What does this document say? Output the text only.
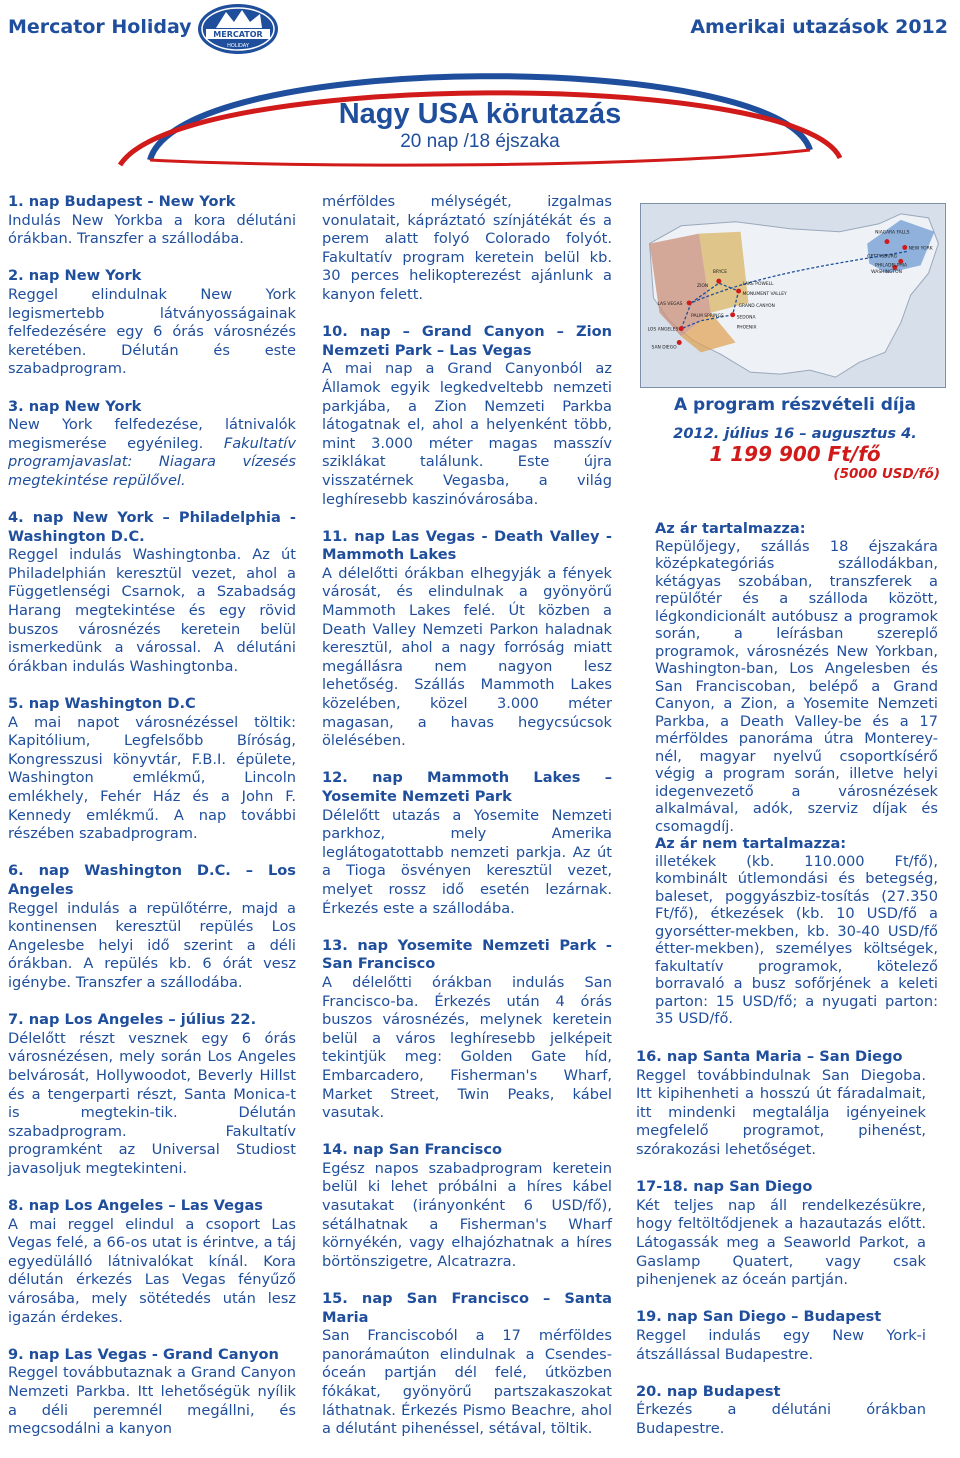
Mercator Holiday	MERCATOR
HOLIDAY
Amerikai utazások 2012
Nagy USA körutazás
20 nap /18 éjszaka
1. nap Budapest - New York
Indulás New Yorkba a kora délutáni órákban. Transzfer a szállodába.
2. nap New York
Reggel elindulnak New York legismertebb látványosságainak felfedezésére egy 6 órás városnézés keretében. Délután és este szabadprogram.
3. nap New York
New York felfedezése, látnivalók megismerése egyénileg. Fakultatív programjavaslat: Niagara vízesés megtekintése repülővel.
4. nap New York – Philadelphia - Washington D.C.
Reggel indulás Washingtonba. Az út Philadelphián keresztül vezet, ahol a Függetlenségi Csarnok, a Szabadság Harang megtekintése és egy rövid buszos városnézés keretein belül ismerkedünk a várossal. A délutáni órákban indulás Washingtonba.
5. nap Washington D.C
A mai napot városnézéssel töltik: Kapitólium, Legfelsőbb Bíróság, Kongresszusi könyvtár, F.B.I. épülete, Washington emlékmű, Lincoln emlékhely, Fehér Ház és a John F. Kennedy emlékmű. A nap további részében szabadprogram.
6. nap Washington D.C. – Los Angeles
Reggel indulás a repülőtérre, majd a kontinensen keresztül repülés Los Angelesbe helyi idő szerint a déli órákban. A repülés kb. 6 órát vesz igénybe. Transzfer a szállodába.
7. nap Los Angeles – július 22.
Délelőtt részt vesznek egy 6 órás városnézésen, mely során Los Angeles belvárosát, Hollywoodot, Beverly Hillst és a tengerparti részt, Santa Monica-t is megtekin-tik. Délután szabadprogram. Fakultatív programként az Universal Studiost javasoljuk megtekinteni.
8. nap Los Angeles – Las Vegas
A mai reggel elindul a csoport Las Vegas felé, a 66-os utat is érintve, a táj egyedülálló látnivalókat kínál. Kora délután érkezés Las Vegas fényűző városába, mely sötétedés után lesz igazán érdekes.
9. nap Las Vegas - Grand Canyon
Reggel továbbutaznak a Grand Canyon Nemzeti Parkba. Itt lehetőségük nyílik a déli peremnél megállni, és megcsodálni a kanyon
mérföldes mélységét, izgalmas vonulatait, kápráztató színjátékát és a perem alatt folyó Colorado folyót. Fakultatív program keretein belül kb. 30 perces helikopterezést ajánlunk a kanyon felett.
10. nap – Grand Canyon – Zion Nemzeti Park – Las Vegas
A mai nap a Grand Canyonból az Államok egyik legkedveltebb nemzeti parkjába, a Zion Nemzeti Parkba látogatnak el, ahol a helyenként több, mint 3.000 méter magas masszív sziklákat találunk. Este újra visszatérnek Vegasba, a világ leghíresebb kaszinóvárosába.
11. nap Las Vegas - Death Valley - Mammoth Lakes
A délelőtti órákban elhegyják a fények városát, és elindulnak a gyönyörű Mammoth Lakes felé. Út közben a Death Valley Nemzeti Parkon haladnak keresztül, ahol a nagy forróság miatt megállásra nem nagyon lesz lehetőség. Szállás Mammoth Lakes közelében, közel 3.000 méter magasan, a havas hegycsúcsok ölelésében.
12. nap Mammoth Lakes – Yosemite Nemzeti Park
Délelőtt utazás a Yosemite Nemzeti parkhoz, mely Amerika leglátogatottabb nemzeti parkja. Az út a Tioga ösvényen keresztül vezet, melyet rossz idő esetén lezárnak. Érkezés este a szállodába.
13. nap Yosemite Nemzeti Park - San Francisco
A délelőtti órákban indulás San Francisco-ba. Érkezés után 4 órás buszos városnézés, melynek keretein belül a város leghíresebb jelképeit tekintjük meg: Golden Gate híd, Embarcadero, Fisherman's Wharf, Market Street, Twin Peaks, kábel vasutak.
14. nap San Francisco
Egész napos szabadprogram keretein belül ki lehet próbálni a híres kábel vasutakat (irányonként 6 USD/fő), sétálhatnak a Fisherman's Wharf környékén, vagy elhajózhatnak a híres börtönszigetre, Alcatrazra.
15. nap San Francisco – Santa Maria
San Franciscoból a 17 mérföldes panorámaúton elindulnak a Csendes-óceán partján dél felé, útközben fókákat, gyönyörű partszakaszokat láthatnak. Érkezés Pismo Beachre, ahol a délutánt pihenéssel, sétával, töltik.
NIAGARA FALLS
WASHINGTON
PHILADELPHIA
NEW YORK
GETTYSBURG
LAS VEGAS
BRYCE
ZION	LAKE POWELL
MONUMENT VALLEY
GRAND CANYON
SEDONA
PHOENIX
PALM SPRINGS
LOS ANGELES
SAN DIEGO
A program részvételi díja
2012. július 16 – augusztus 4.
1 199 900 Ft/fő
(5000 USD/fő)
Az ár tartalmazza:
Repülőjegy, szállás 18 éjszakára középkategóriás szállodákban, kétágyas szobában, transzferek a repülőtér és a szálloda között, légkondicionált autóbusz a programok során, a leírásban szereplő programok, városnézés New Yorkban, Washington-ban, Los Angelesben és San Franciscoban, belépő a Grand Canyon, a Zion, a Yosemite Nemzeti Parkba, a Death Valley-be és a 17 mérföldes panoráma útra Monterey-nél, magyar nyelvű csoportkísérő végig a program során, illetve helyi idegenvezető a városnézések alkalmával, adók, szerviz díjak és csomagdíj.
Az ár nem tartalmazza:
illetékek (kb. 110.000 Ft/fő), kombinált útlemondási és betegség, baleset, poggyászbiz-tosítás (27.350 Ft/fő), étkezések (kb. 10 USD/fő a gyorsétter-mekben, kb. 30-40 USD/fő étter-mekben), személyes költségek, fakultatív programok, kötelező borravaló a busz sofőrjének a keleti parton: 15 USD/fő; a nyugati parton: 35 USD/fő.
16. nap Santa Maria – San Diego
Reggel továbbindulnak San Diegoba. Itt kipihenheti a hosszú út fáradalmait, itt mindenki megtalálja igényeinek megfelelő programot, pihenést, szórakozási lehetőséget.
17-18. nap San Diego
Két teljes nap áll rendelkezésükre, hogy feltöltődjenek a hazautazás előtt. Látogassák meg a Seaworld Parkot, a Gaslamp Quatert, vagy csak pihenjenek az óceán partján.
19. nap San Diego – Budapest
Reggel indulás egy New York-i átszállással Budapestre.
20. nap Budapest
Érkezés a délutáni órákban Budapestre.
